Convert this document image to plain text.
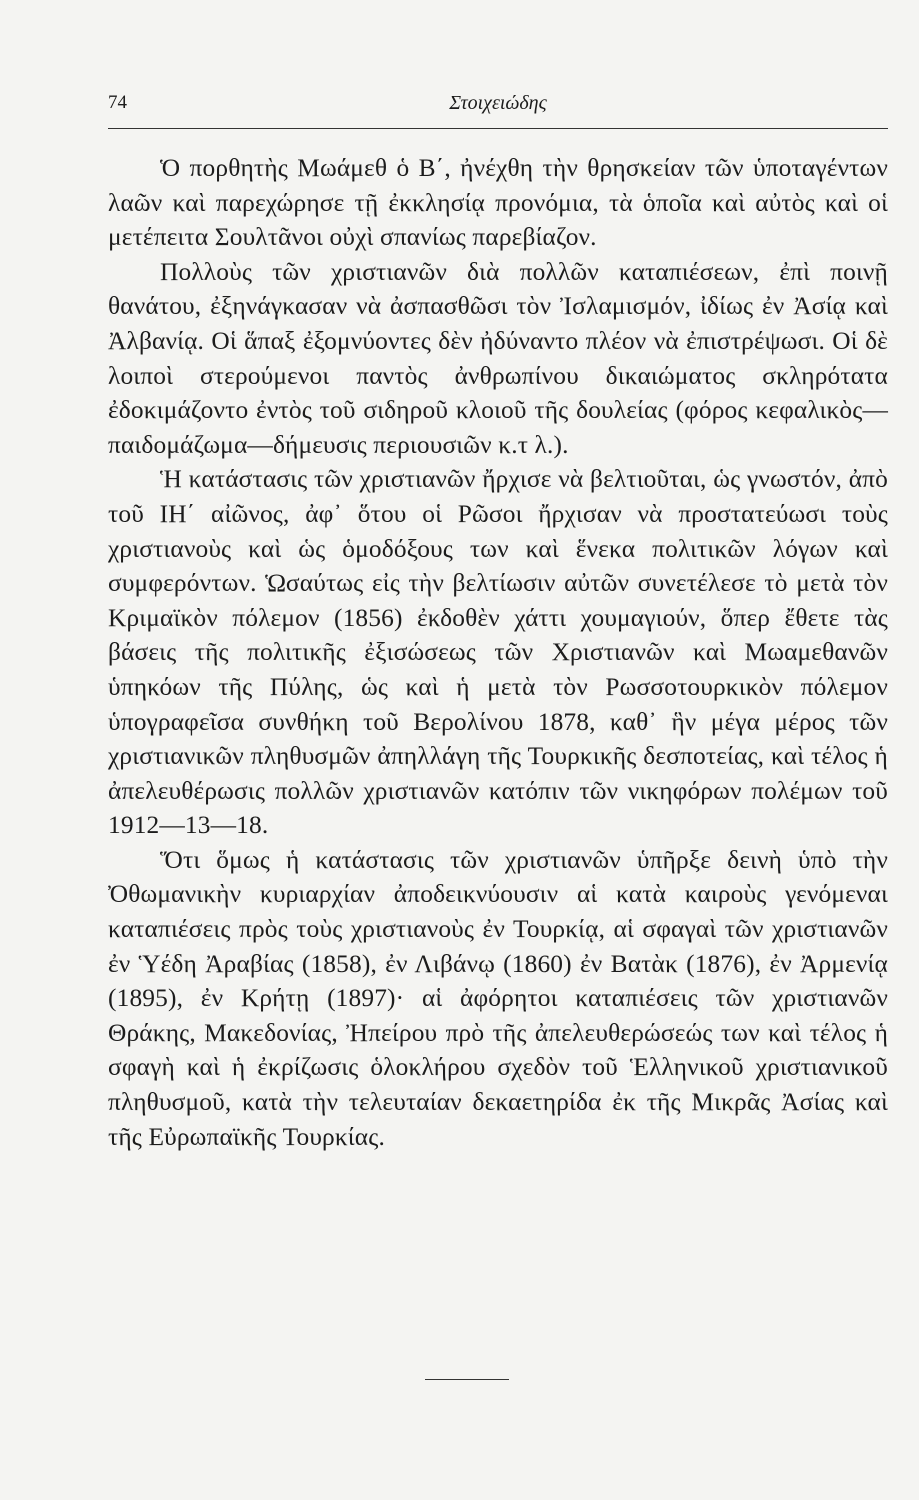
74	Στοιχειώδης

Ὁ πορθητὴς Μωάμεθ ὁ Β΄, ἠνέχθη τὴν θρησκείαν τῶν ὑποταγέντων λαῶν καὶ παρεχώρησε τῇ ἐκκλησίᾳ προνόμια, τὰ ὁποῖα καὶ αὐτὸς καὶ οἱ μετέπειτα Σουλτᾶνοι οὐχὶ σπανίως παρεβίαζον.

Πολλοὺς τῶν χριστιανῶν διὰ πολλῶν καταπιέσεων, ἐπὶ ποινῇ θανάτου, ἐξηνάγκασαν νὰ ἀσπασθῶσι τὸν Ἰσλαμισμόν, ἰδίως ἐν Ἀσίᾳ καὶ Ἀλβανίᾳ. Οἱ ἅπαξ ἐξομνύοντες δὲν ἠδύναντο πλέον νὰ ἐπιστρέψωσι. Οἱ δὲ λοιποὶ στερούμενοι παντὸς ἀνθρωπίνου δικαιώματος σκληρότατα ἐδοκιμάζοντο ἐντὸς τοῦ σιδηροῦ κλοιοῦ τῆς δουλείας (φόρος κεφαλικὸς—παιδομάζωμα—δήμευσις περιουσιῶν κ.τ λ.).

Ἡ κατάστασις τῶν χριστιανῶν ἤρχισε νὰ βελτιοῦται, ὡς γνωστόν, ἀπὸ τοῦ ΙΗ΄ αἰῶνος, ἀφ᾿ ὅτου οἱ Ρῶσοι ἤρχισαν νὰ προστατεύωσι τοὺς χριστιανοὺς καὶ ὡς ὁμοδόξους των καὶ ἕνεκα πολιτικῶν λόγων καὶ συμφερόντων. Ὡσαύτως εἰς τὴν βελτίωσιν αὐτῶν συνετέλεσε τὸ μετὰ τὸν Κριμαϊκὸν πόλεμον (1856) ἐκδοθὲν χάττι χουμαγιούν, ὅπερ ἔθετε τὰς βάσεις τῆς πολιτικῆς ἐξισώσεως τῶν Χριστιανῶν καὶ Μωαμεθανῶν ὑπηκόων τῆς Πύλης, ὡς καὶ ἡ μετὰ τὸν Ρωσσοτουρκικὸν πόλεμον ὑπογραφεῖσα συνθήκη τοῦ Βερολίνου 1878, καθ᾿ ἣν μέγα μέρος τῶν χριστιανικῶν πληθυσμῶν ἀπηλλάγη τῆς Τουρκικῆς δεσποτείας, καὶ τέλος ἡ ἀπελευθέρωσις πολλῶν χριστιανῶν κατόπιν τῶν νικηφόρων πολέμων τοῦ 1912—13—18.

Ὅτι ὅμως ἡ κατάστασις τῶν χριστιανῶν ὑπῆρξε δεινὴ ὑπὸ τὴν Ὀθωμανικὴν κυριαρχίαν ἀποδεικνύουσιν αἱ κατὰ καιροὺς γενόμεναι καταπιέσεις πρὸς τοὺς χριστιανοὺς ἐν Τουρκίᾳ, αἱ σφαγαὶ τῶν χριστιανῶν ἐν Ὑέδη Ἀραβίας (1858), ἐν Λιβάνῳ (1860) ἐν Βατὰκ (1876), ἐν Ἀρμενίᾳ (1895), ἐν Κρήτῃ (1897)· αἱ ἀφόρητοι καταπιέσεις τῶν χριστιανῶν Θράκης, Μακεδονίας, Ἠπείρου πρὸ τῆς ἀπελευθερώσεώς των καὶ τέλος ἡ σφαγὴ καὶ ἡ ἐκρίζωσις ὁλοκλήρου σχεδὸν τοῦ Ἑλληνικοῦ χριστιανικοῦ πληθυσμοῦ, κατὰ τὴν τελευταίαν δεκαετηρίδα ἐκ τῆς Μικρᾶς Ἀσίας καὶ τῆς Εὐρωπαϊκῆς Τουρκίας.
